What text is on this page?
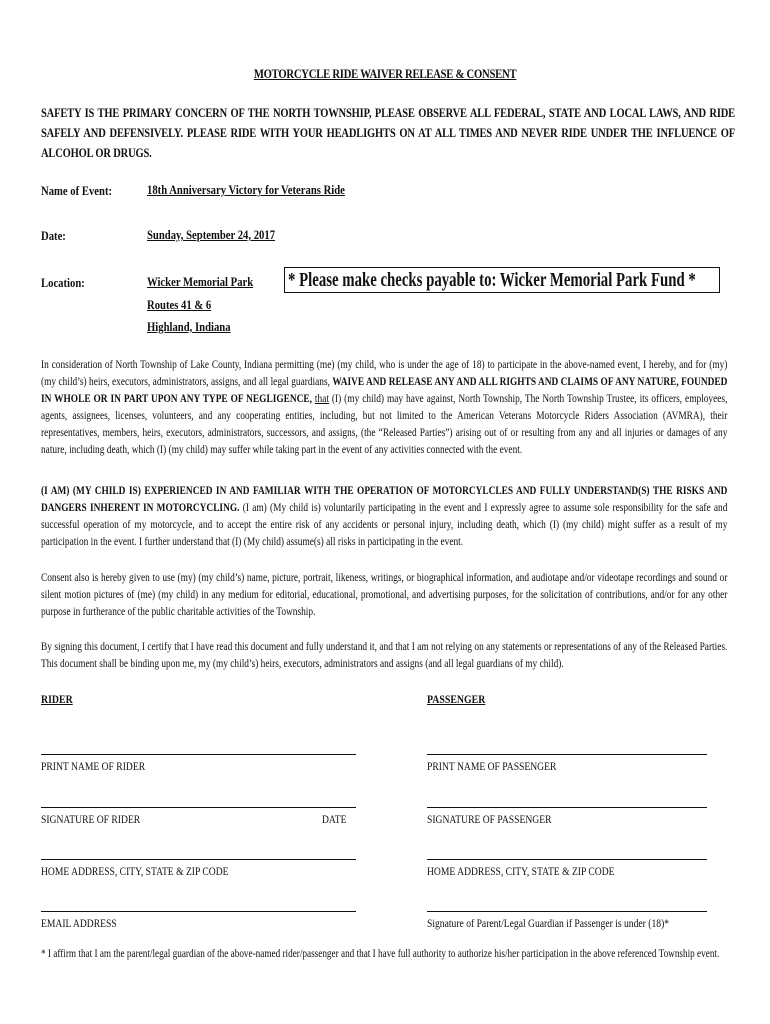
MOTORCYCLE RIDE WAIVER RELEASE & CONSENT
SAFETY IS THE PRIMARY CONCERN OF THE NORTH TOWNSHIP, PLEASE OBSERVE ALL FEDERAL, STATE AND LOCAL LAWS, AND RIDE SAFELY AND DEFENSIVELY. PLEASE RIDE WITH YOUR HEADLIGHTS ON AT ALL TIMES AND NEVER RIDE UNDER THE INFLUENCE OF ALCOHOL OR DRUGS.
Name of Event:	18th Anniversary Victory for Veterans Ride
Date:	Sunday, September 24, 2017
Location:	Wicker Memorial Park
Routes 41 & 6
Highland, Indiana
* Please make checks payable to: Wicker Memorial Park Fund *
In consideration of North Township of Lake County, Indiana permitting (me) (my child, who is under the age of 18) to participate in the above-named event, I hereby, and for (my) (my child’s) heirs, executors, administrators, assigns, and all legal guardians, WAIVE AND RELEASE ANY AND ALL RIGHTS AND CLAIMS OF ANY NATURE, FOUNDED IN WHOLE OR IN PART UPON ANY TYPE OF NEGLIGENCE, that (I) (my child) may have against, North Township, The North Township Trustee, its officers, employees, agents, assignees, licenses, volunteers, and any cooperating entities, including, but not limited to the American Veterans Motorcycle Riders Association (AVMRA), their representatives, members, heirs, executors, administrators, successors, and assigns, (the “Released Parties”) arising out of or resulting from any and all injuries or damages of any nature, including death, which (I) (my child) may suffer while taking part in the event of any activities connected with the event.
(I AM) (MY CHILD IS) EXPERIENCED IN AND FAMILIAR WITH THE OPERATION OF MOTORCYLCLES AND FULLY UNDERSTAND(S) THE RISKS AND DANGERS INHERENT IN MOTORCYCLING. (I am) (My child is) voluntarily participating in the event and I expressly agree to assume sole responsibility for the safe and successful operation of my motorcycle, and to accept the entire risk of any accidents or personal injury, including death, which (I) (my child) might suffer as a result of my participation in the event. I further understand that (I) (My child) assume(s) all risks in participating in the event.
Consent also is hereby given to use (my) (my child’s) name, picture, portrait, likeness, writings, or biographical information, and audiotape and/or videotape recordings and sound or silent motion pictures of (me) (my child) in any medium for editorial, educational, promotional, and advertising purposes, for the solicitation of contributions, and/or for any other purpose in furtherance of the public charitable activities of the Township.
By signing this document, I certify that I have read this document and fully understand it, and that I am not relying on any statements or representations of any of the Released Parties. This document shall be binding upon me, my (my child’s) heirs, executors, administrators and assigns (and all legal guardians of my child).
RIDER	PASSENGER
PRINT NAME OF RIDER	PRINT NAME OF PASSENGER
SIGNATURE OF RIDER	DATE	SIGNATURE OF PASSENGER
HOME ADDRESS, CITY, STATE & ZIP CODE	HOME ADDRESS, CITY, STATE & ZIP CODE
EMAIL ADDRESS	Signature of Parent/Legal Guardian if Passenger is under (18)*
* I affirm that I am the parent/legal guardian of the above-named rider/passenger and that I have full authority to authorize his/her participation in the above referenced Township event.
